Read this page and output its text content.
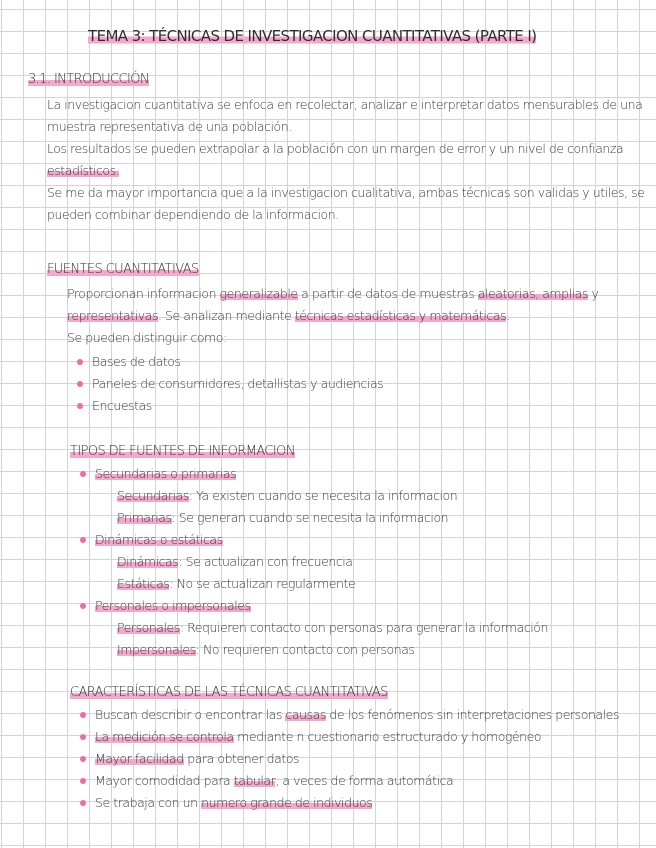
TEMA 3: TÉCNICAS DE INVESTIGACION CUANTITATIVAS (PARTE I)
3.1. INTRODUCCIÓN
La investigacion cuantitativa se enfoca en recolectar, analizar e interpretar datos mensurables de una
muestra representativa de una población.
Los resultados se pueden extrapolar a la población con un margen de error y un nivel de confianza
estadísticos.
Se me da mayor importancia que a la investigacion cualitativa, ambas técnicas son validas y utiles, se
pueden combinar dependiendo de la informacion.
FUENTES CUANTITATIVAS
Proporcionan informacion generalizable a partir de datos de muestras aleatorias, amplias y
representativas. Se analizan mediante técnicas estadísticas y matemáticas.
Se pueden distinguir como:
Bases de datos
Paneles de consumidores, detallistas y audiencias
Encuestas
TIPOS DE FUENTES DE INFORMACION
Secundarias o primarias
Secundarias: Ya existen cuando se necesita la informacion
Primarias: Se generan cuando se necesita la informacion
Dinámicas o estáticas
Dinámicas: Se actualizan con frecuencia
Estáticas: No se actualizan regularmente
Personales o impersonales
Personales: Requieren contacto con personas para generar la información
Impersonales: No requieren contacto con personas
CARACTERÍSTICAS DE LAS TÉCNICAS CUANTITATIVAS
Buscan describir o encontrar las causas de los fenómenos sin interpretaciones personales
La medición se controla mediante n cuestionario estructurado y homogéneo
Mayor facilidad para obtener datos
Mayor comodidad para tabular, a veces de forma automática
Se trabaja con un numero grande de individuos
